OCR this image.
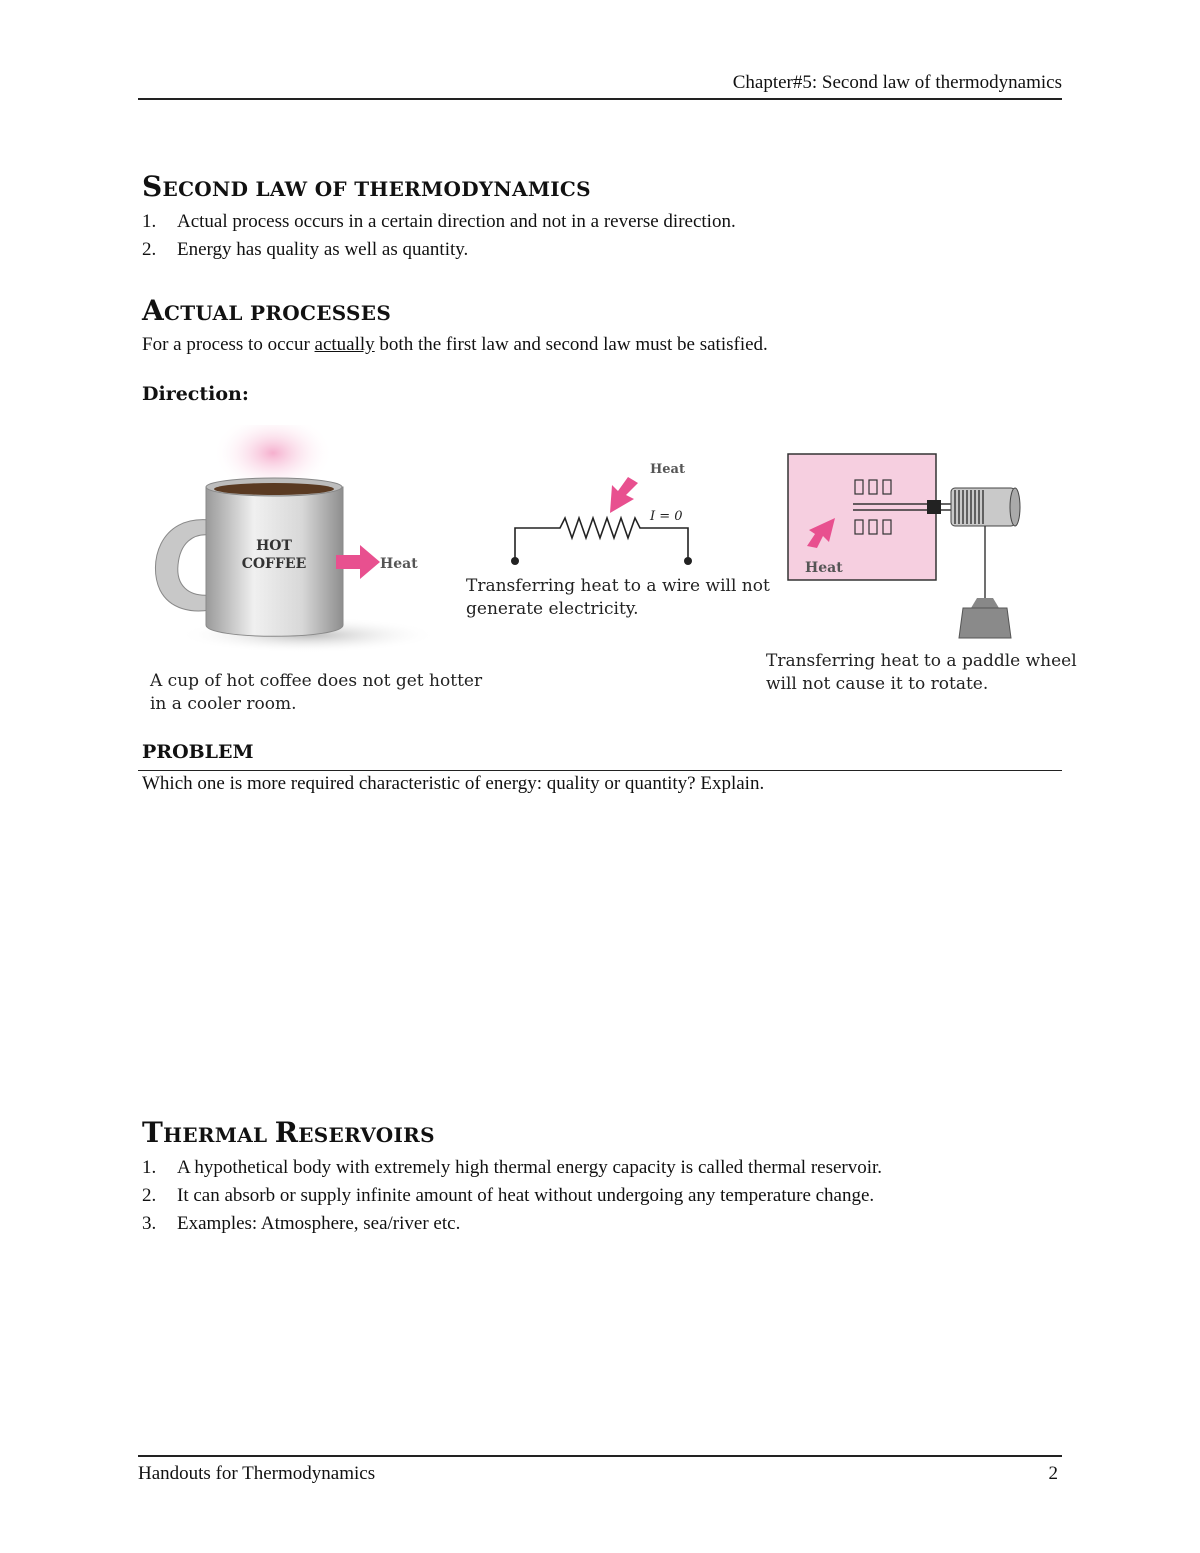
Chapter#5: Second law of thermodynamics
SECOND LAW OF THERMODYNAMICS
1. Actual process occurs in a certain direction and not in a reverse direction.
2. Energy has quality as well as quantity.
ACTUAL PROCESSES

For a process to occur actually both the first law and second law must be satisfied.

Direction:

HOT
COFFEE	Heat
A cup of hot coffee does not get hotter
in a cooler room.
Heat
I = 0
Transferring heat to a wire will not
generate electricity.
Heat
Transferring heat to a paddle wheel
will not cause it to rotate.

PROBLEM

Which one is more required characteristic of energy: quality or quantity? Explain.

THERMAL RESERVOIRS
1. A hypothetical body with extremely high thermal energy capacity is called thermal reservoir.
2. It can absorb or supply infinite amount of heat without undergoing any temperature change.
3. Examples: Atmosphere, sea/river etc.
Handouts for Thermodynamics	2
